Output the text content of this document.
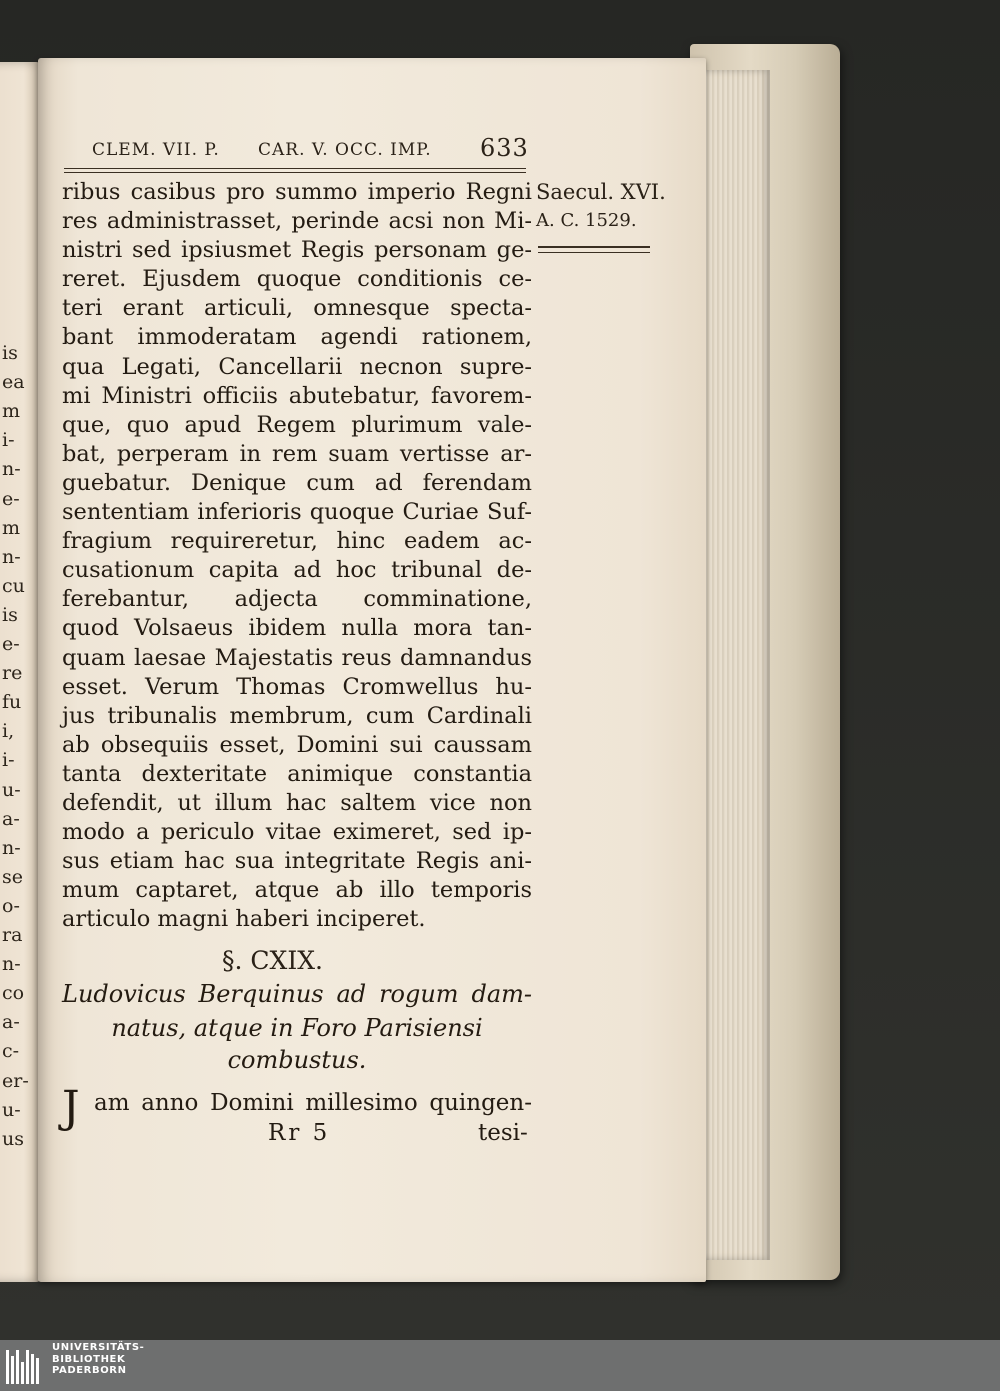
is
ea
m
i-
n-
e-
m
n-
cu
is
e-
re
fu
i,
i-
u-
a-
n-
se
o-
ra
n-
co
a-
c-
er-
u-
us
CLEM. VII. P. CAR. V. OCC. IMP. 633
Saecul. XVI.
A. C. 1529.
ribus casibus pro summo imperio Regni
res administrasset, perinde acsi non Mi-
nistri sed ipsiusmet Regis personam ge-
reret. Ejusdem quoque conditionis ce-
teri erant articuli, omnesque specta-
bant immoderatam agendi rationem,
qua Legati, Cancellarii necnon supre-
mi Ministri officiis abutebatur, favorem-
que, quo apud Regem plurimum vale-
bat, perperam in rem suam vertisse ar-
guebatur. Denique cum ad ferendam
sententiam inferioris quoque Curiae Suf-
fragium requireretur, hinc eadem ac-
cusationum capita ad hoc tribunal de-
ferebantur, adjecta comminatione,
quod Volsaeus ibidem nulla mora tan-
quam laesae Majestatis reus damnandus
esset. Verum Thomas Cromwellus hu-
jus tribunalis membrum, cum Cardinali
ab obsequiis esset, Domini sui caussam
tanta dexteritate animique constantia
defendit, ut illum hac saltem vice non
modo a periculo vitae eximeret, sed ip-
sus etiam hac sua integritate Regis ani-
mum captaret, atque ab illo temporis
articulo magni haberi inciperet.
§. CXIX.
Ludovicus Berquinus ad rogum dam-
natus, atque in Foro Parisiensi
combustus.
J am anno Domini millesimo quingen-
Rr 5	tesi-
UNIVERSITÄTS-
BIBLIOTHEK
PADERBORN
